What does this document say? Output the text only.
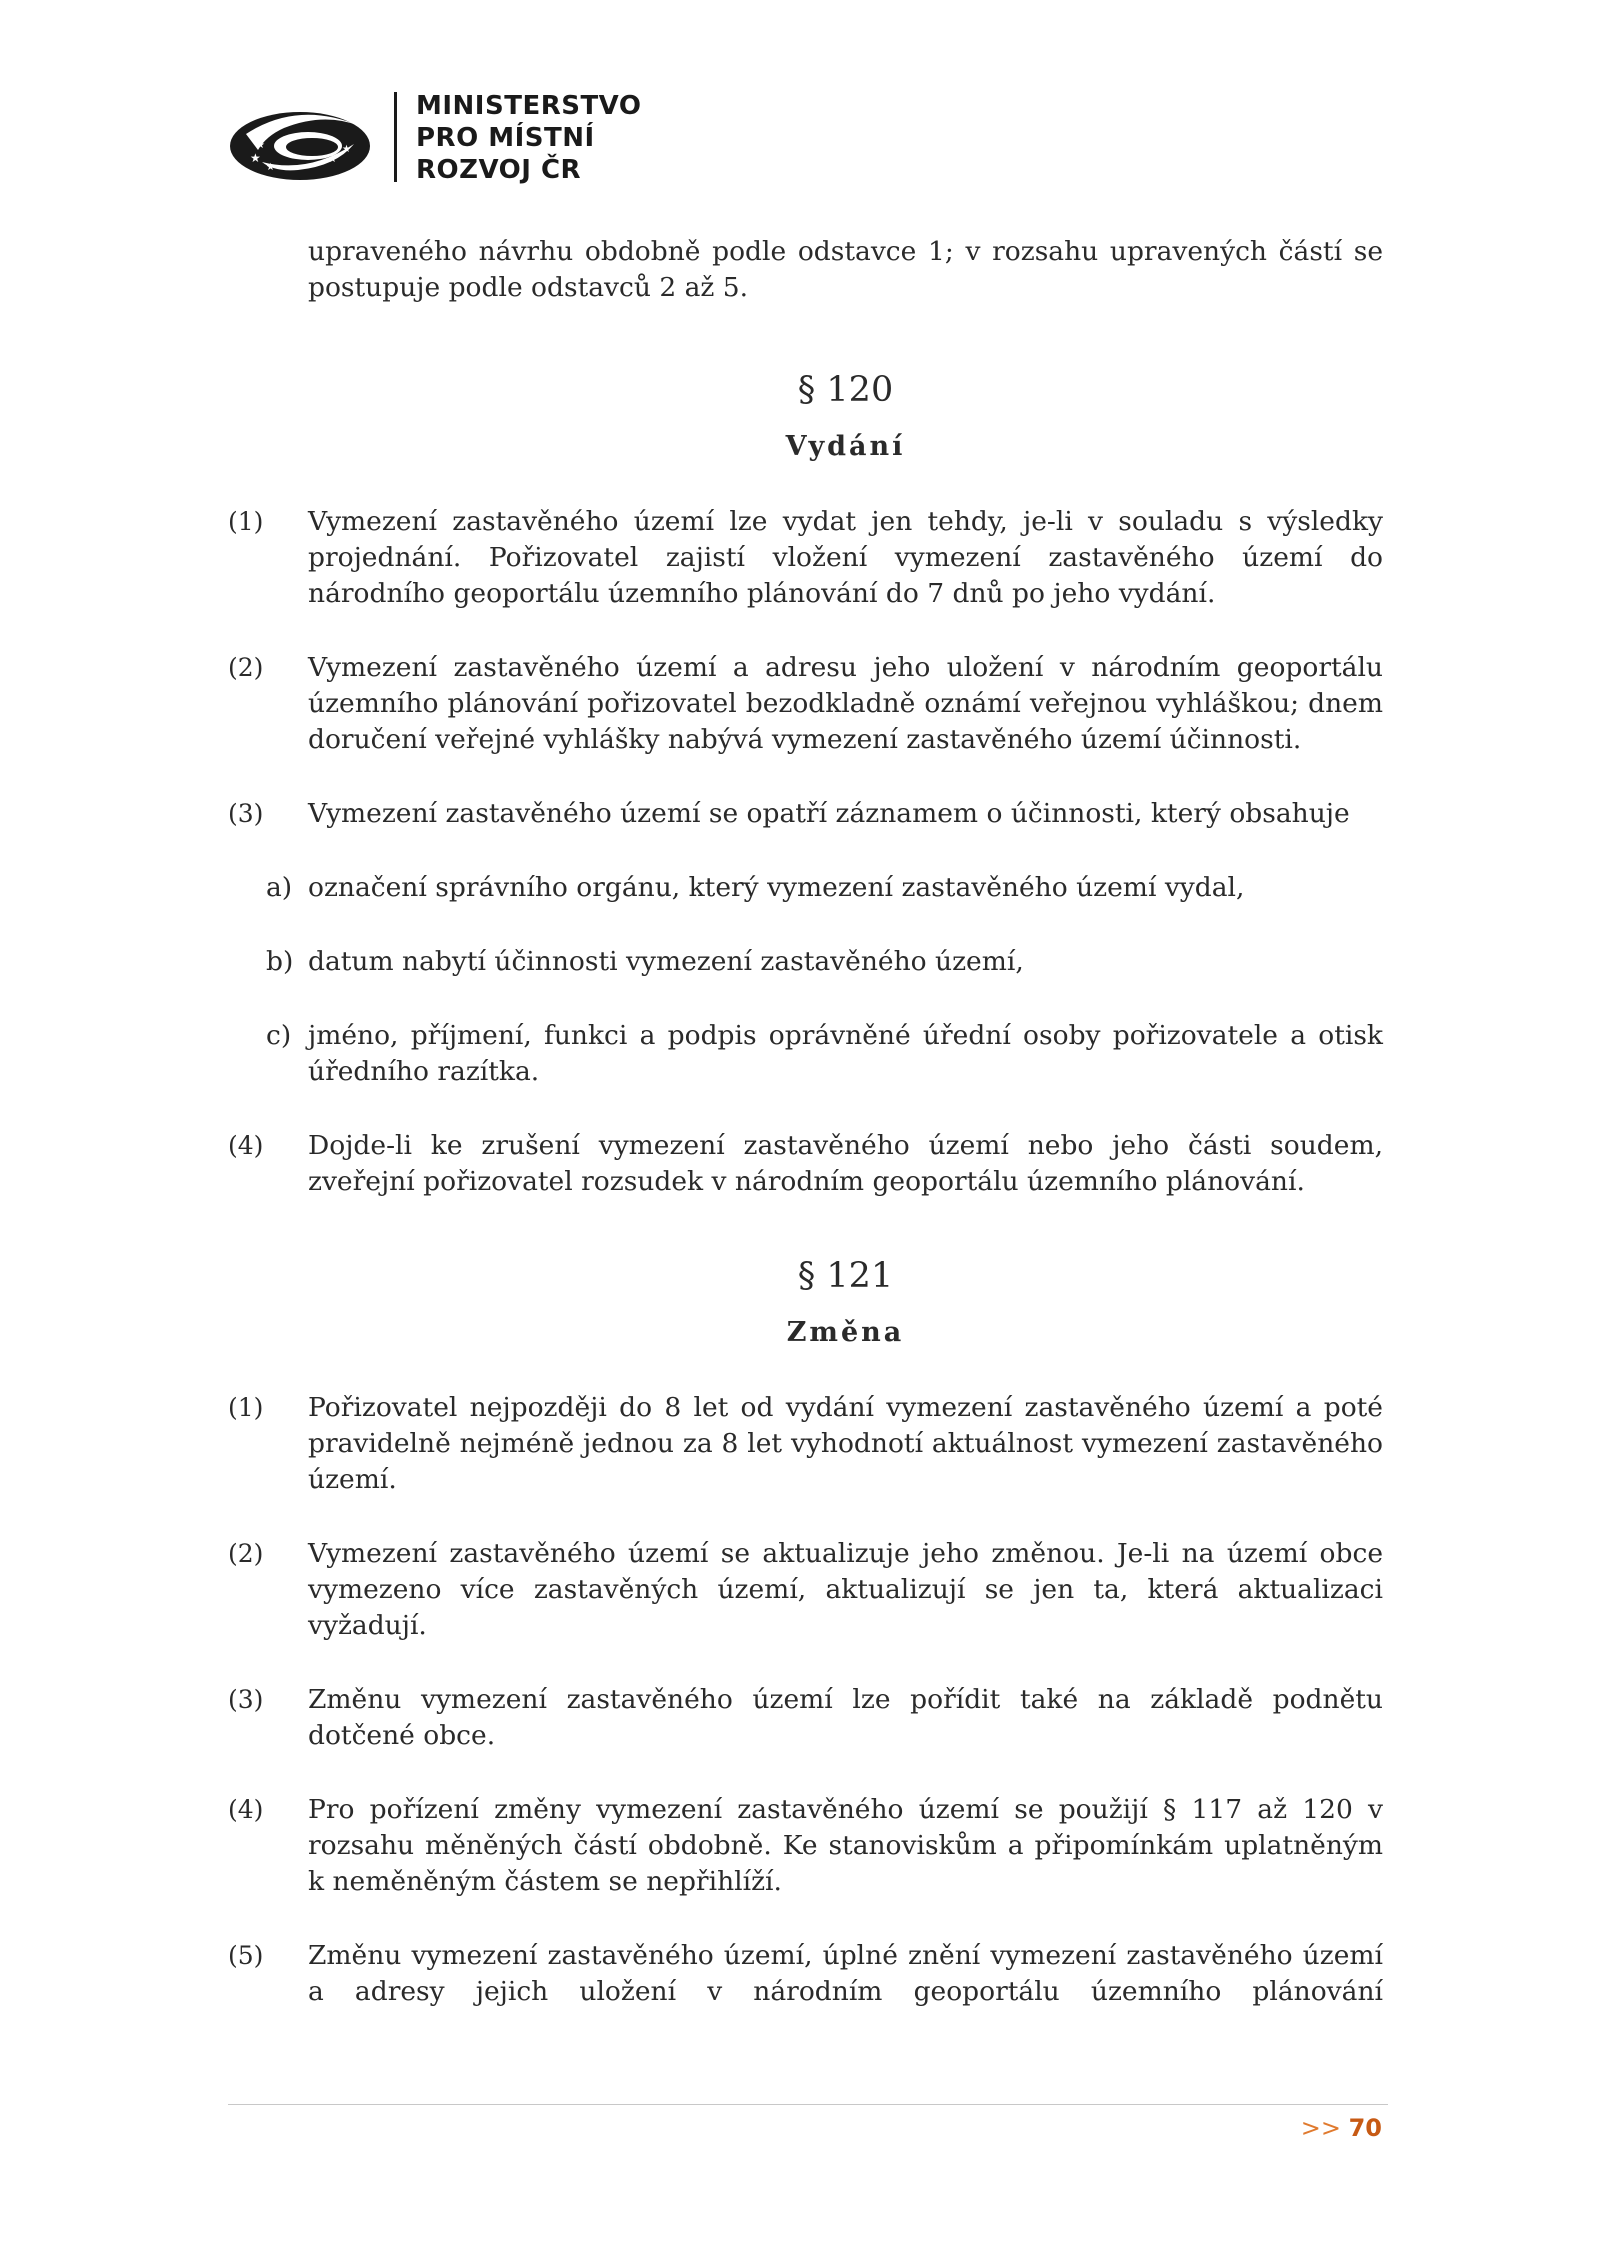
★
★
★
★
★
MINISTERSTVO
PRO MÍSTNÍ
ROZVOJ ČR

upraveného návrhu obdobně podle odstavce 1; v rozsahu upravených částí se postupuje podle odstavců 2 až 5.

§ 120
Vydání
(1) Vymezení zastavěného území lze vydat jen tehdy, je-li v souladu s výsledky projednání. Pořizovatel zajistí vložení vymezení zastavěného území do národního geoportálu územního plánování do 7 dnů po jeho vydání.

(2) Vymezení zastavěného území a adresu jeho uložení v národním geoportálu územního plánování pořizovatel bezodkladně oznámí veřejnou vyhláškou; dnem doručení veřejné vyhlášky nabývá vymezení zastavěného území účinnosti.

(3) Vymezení zastavěného území se opatří záznamem o účinnosti, který obsahuje

a) označení správního orgánu, který vymezení zastavěného území vydal,

b) datum nabytí účinnosti vymezení zastavěného území,

c) jméno, příjmení, funkci a podpis oprávněné úřední osoby pořizovatele a otisk úředního razítka.

(4) Dojde-li ke zrušení vymezení zastavěného území nebo jeho části soudem, zveřejní pořizovatel rozsudek v národním geoportálu územního plánování.

§ 121
Změna
(1) Pořizovatel nejpozději do 8 let od vydání vymezení zastavěného území a poté pravidelně nejméně jednou za 8 let vyhodnotí aktuálnost vymezení zastavěného území.

(2) Vymezení zastavěného území se aktualizuje jeho změnou. Je-li na území obce vymezeno více zastavěných území, aktualizují se jen ta, která aktualizaci vyžadují.

(3) Změnu vymezení zastavěného území lze pořídit také na základě podnětu dotčené obce.

(4) Pro pořízení změny vymezení zastavěného území se použijí § 117 až 120 v rozsahu měněných částí obdobně. Ke stanoviskům a připomínkám uplatněným k neměněným částem se nepřihlíží.

(5) Změnu vymezení zastavěného území, úplné znění vymezení zastavěného území a adresy jejich uložení v národním geoportálu územního plánování

>> 70
